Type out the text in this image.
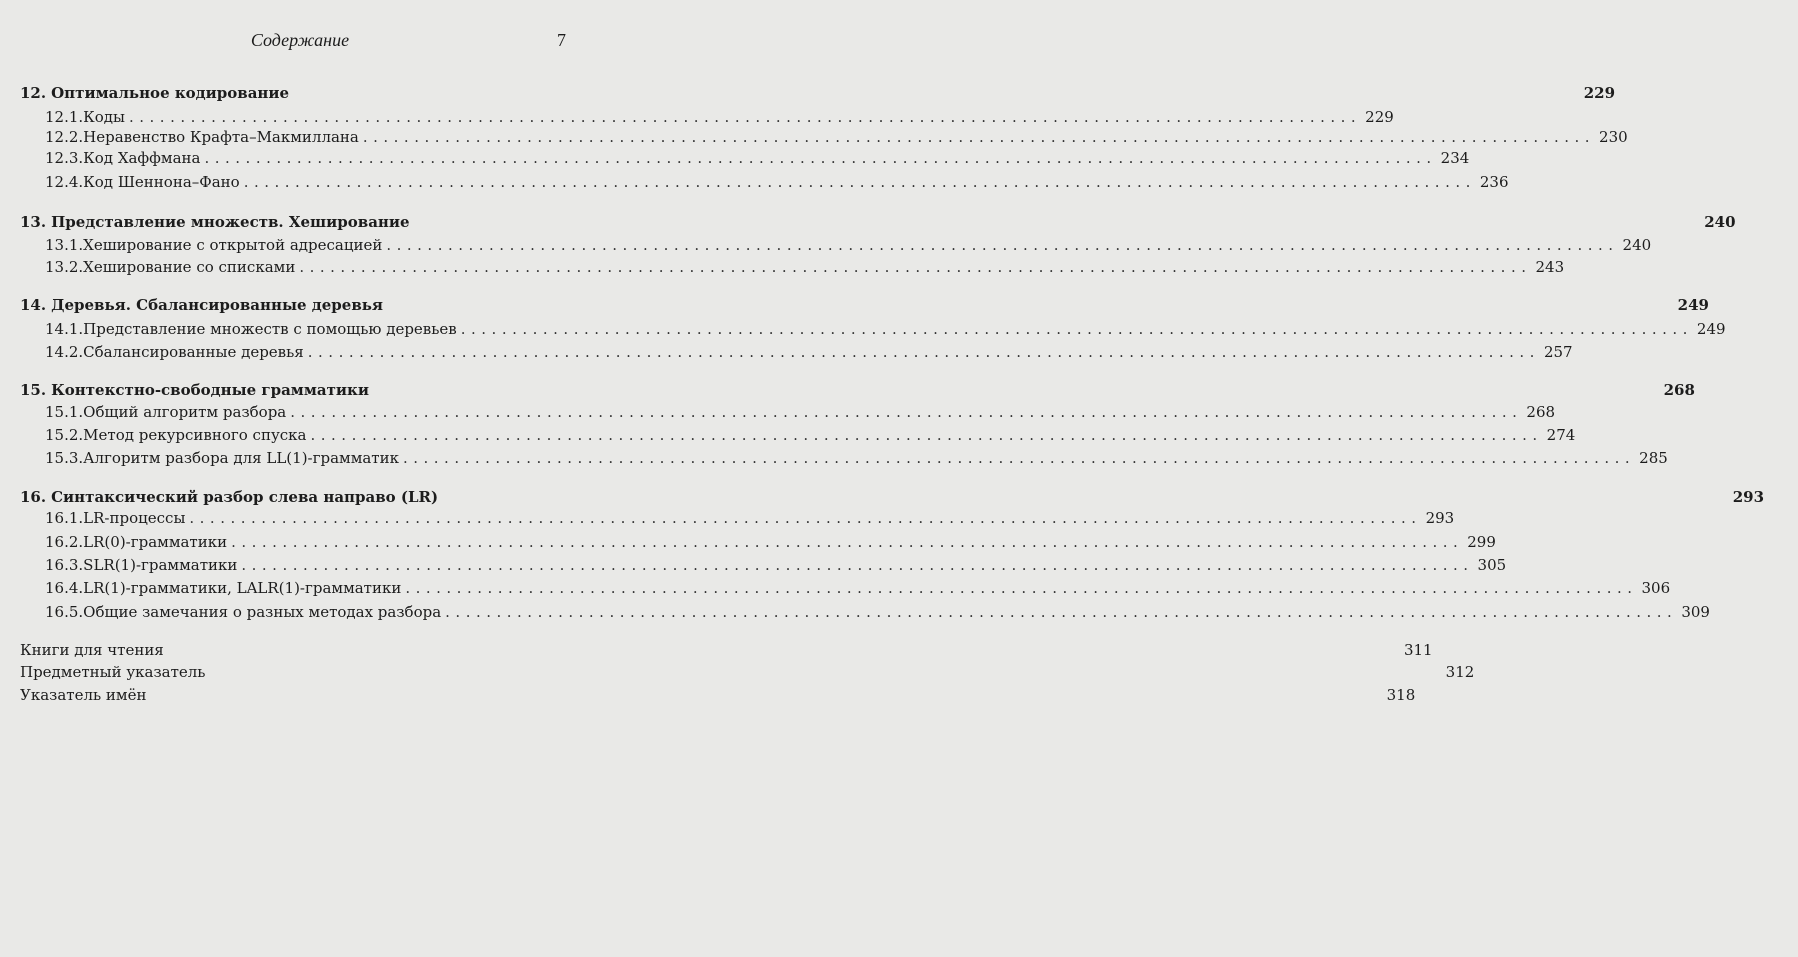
Содержание	7
12. Оптимальное кодирование	229
12.1. Коды ........................................................................................................................ 229
12.2. Неравенство Крафта–Макмиллана ........................................................................................................................ 230
12.3. Код Хаффмана ........................................................................................................................ 234
12.4. Код Шеннона–Фано ........................................................................................................................ 236
13. Представление множеств. Хеширование	240
13.1. Хеширование с открытой адресацией ........................................................................................................................ 240
13.2. Хеширование со списками ........................................................................................................................ 243
14. Деревья. Сбалансированные деревья	249
14.1. Представление множеств с помощью деревьев ........................................................................................................................ 249
14.2. Сбалансированные деревья ........................................................................................................................ 257
15. Контекстно-свободные грамматики	268
15.1. Общий алгоритм разбора ........................................................................................................................ 268
15.2. Метод рекурсивного спуска ........................................................................................................................ 274
15.3. Алгоритм разбора для LL(1)-грамматик ........................................................................................................................ 285
16. Синтаксический разбор слева направо (LR)	293
16.1. LR-процессы ........................................................................................................................ 293
16.2. LR(0)-грамматики ........................................................................................................................ 299
16.3. SLR(1)-грамматики ........................................................................................................................ 305
16.4. LR(1)-грамматики, LALR(1)-грамматики ........................................................................................................................ 306
16.5. Общие замечания о разных методах разбора ........................................................................................................................ 309
Книги для чтения	311
Предметный указатель	312
Указатель имён	318
